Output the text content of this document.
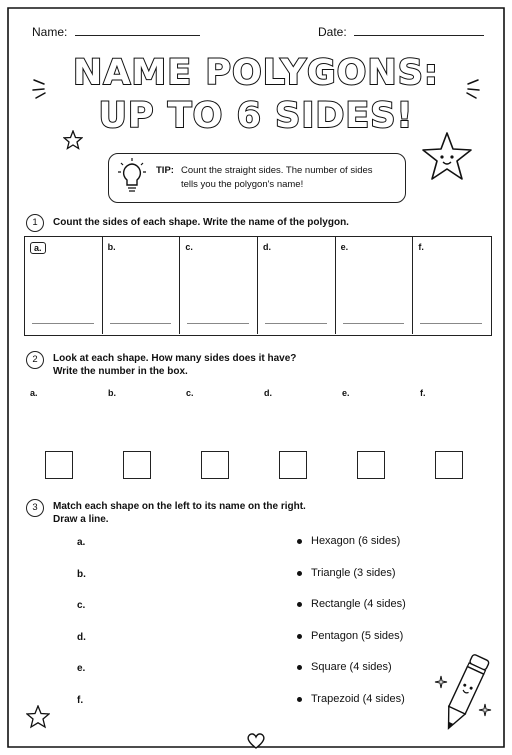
Name:	Date:
NAME POLYGONS:
UP TO 6 SIDES!
TIP: Count the straight sides. The number of sides
tells you the polygon's name!
1	Count the sides of each shape. Write the name of the polygon.
a.	b.	c.	d.	e.	f.
2	Look at each shape. How many sides does it have?
Write the number in the box.
a.	b.	c.	d.	e.	f.
3	Match each shape on the left to its name on the right.
Draw a line.
a.	Hexagon (6 sides)
b.	Triangle (3 sides)
c.	Rectangle (4 sides)
d.	Pentagon (5 sides)
e.	Square (4 sides)
f.	Trapezoid (4 sides)
